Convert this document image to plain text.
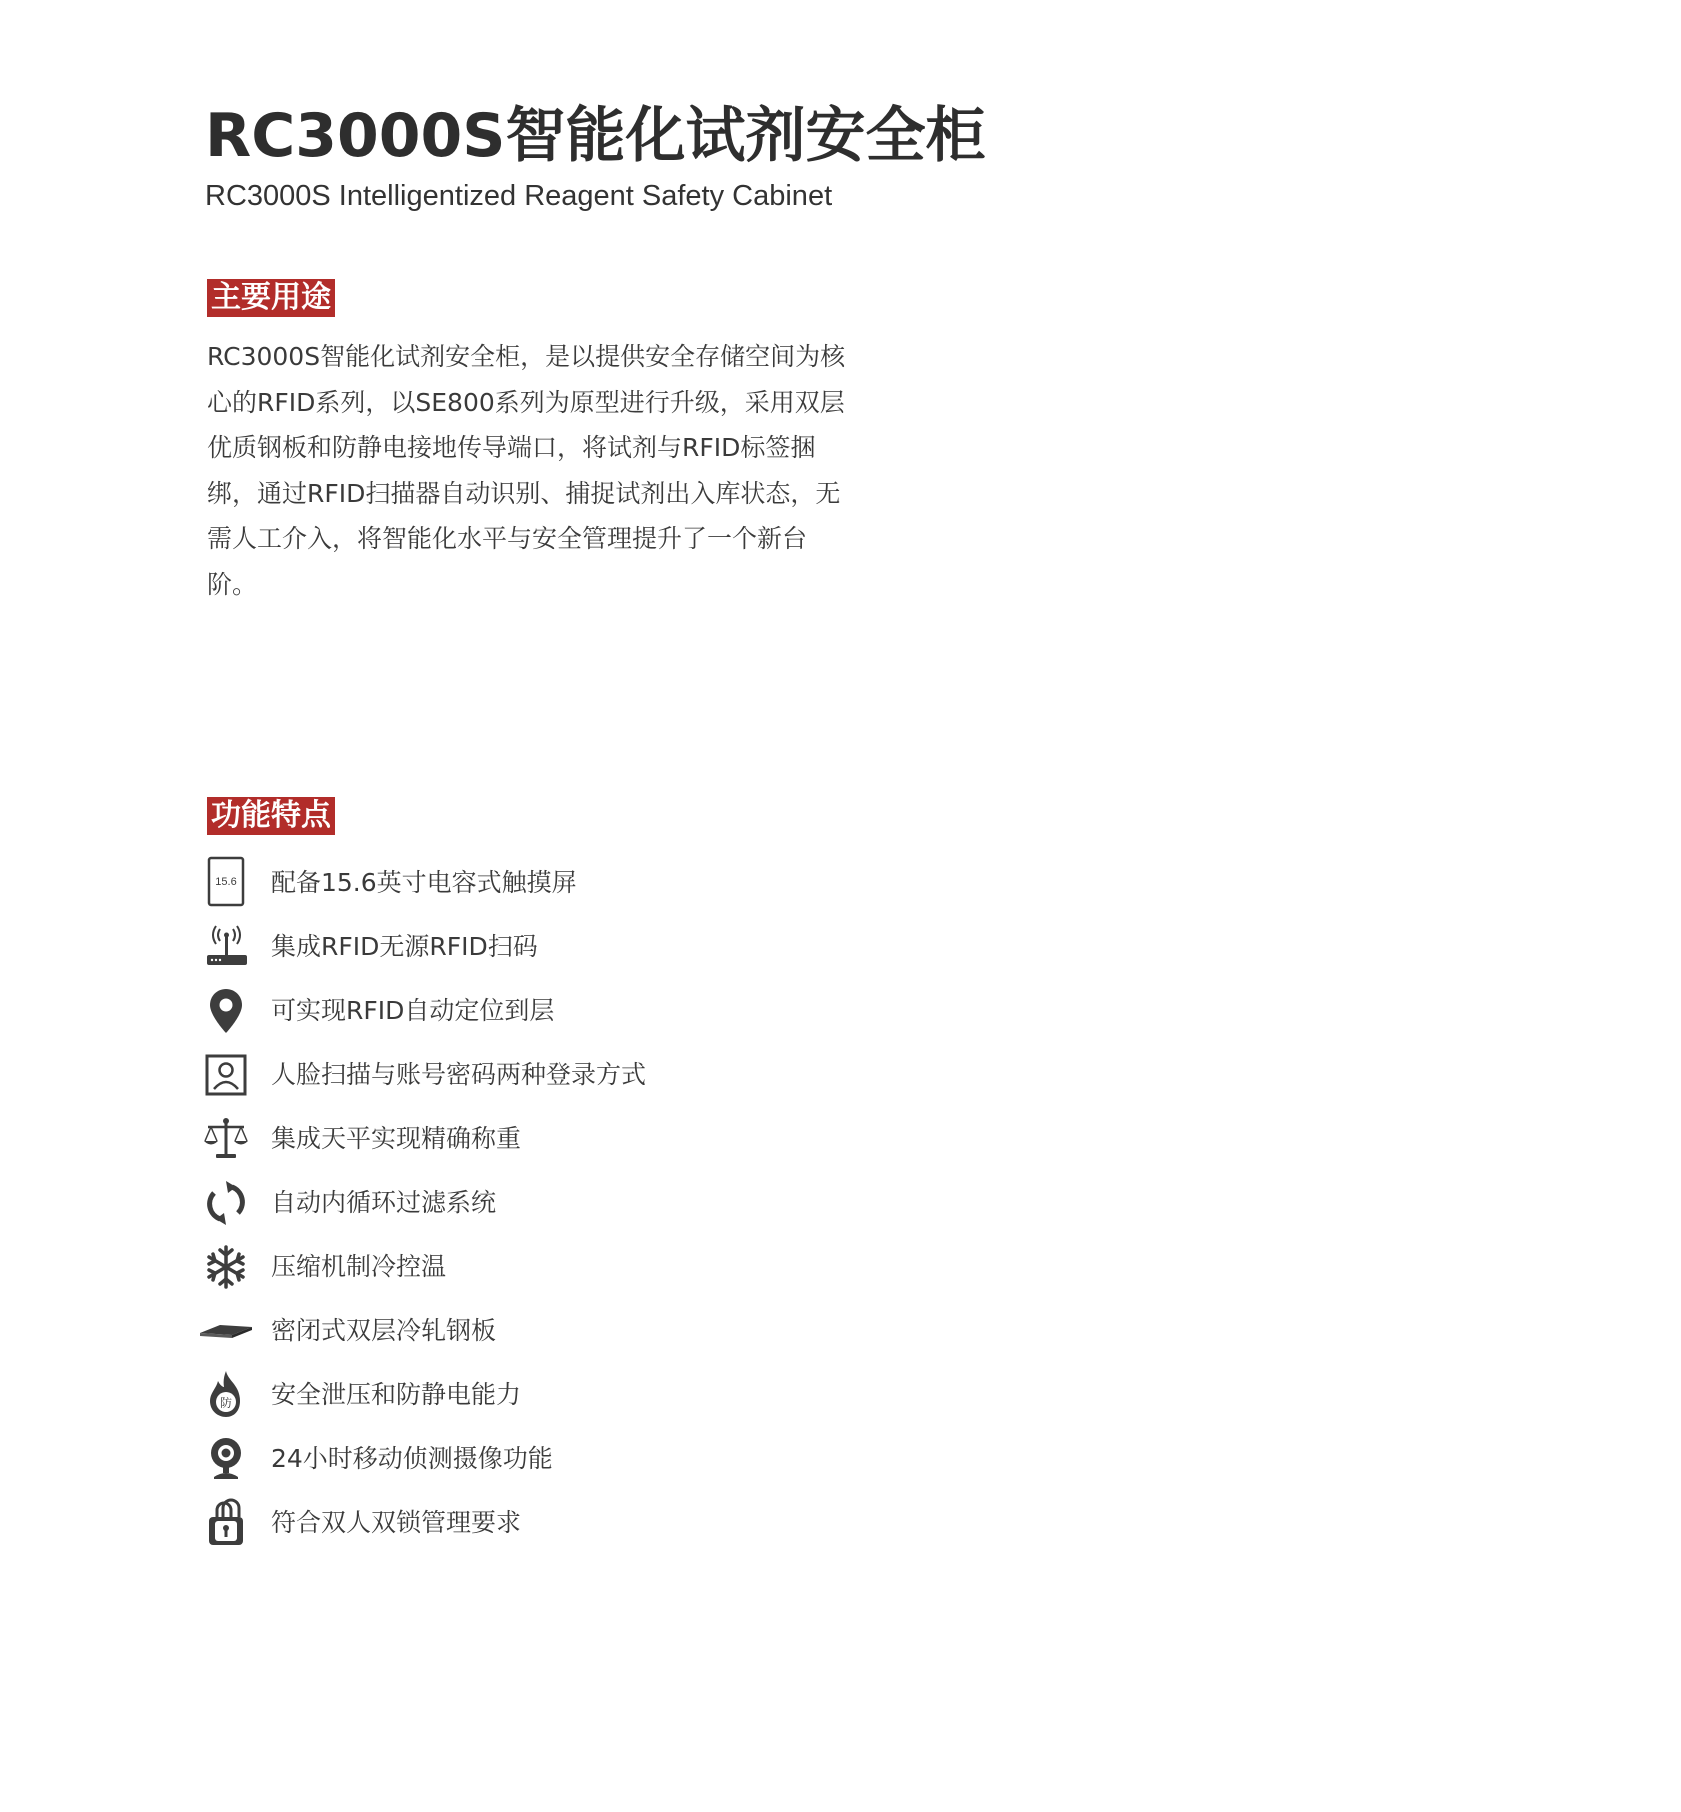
RC3000S智能化试剂安全柜
RC3000S Intelligentized Reagent Safety Cabinet
主要用途

RC3000S智能化试剂安全柜，是以提供安全存储空间为核心的RFID系列，以SE800系列为原型进行升级，采用双层优质钢板和防静电接地传导端口，将试剂与RFID标签捆绑，通过RFID扫描器自动识别、捕捉试剂出入库状态，无需人工介入，将智能化水平与安全管理提升了一个新台阶。

功能特点
15.6 配备15.6英寸电容式触摸屏
集成RFID无源RFID扫码
可实现RFID自动定位到层
人脸扫描与账号密码两种登录方式
集成天平实现精确称重
自动内循环过滤系统
压缩机制冷控温
密闭式双层冷轧钢板
防 安全泄压和防静电能力
24小时移动侦测摄像功能
符合双人双锁管理要求
